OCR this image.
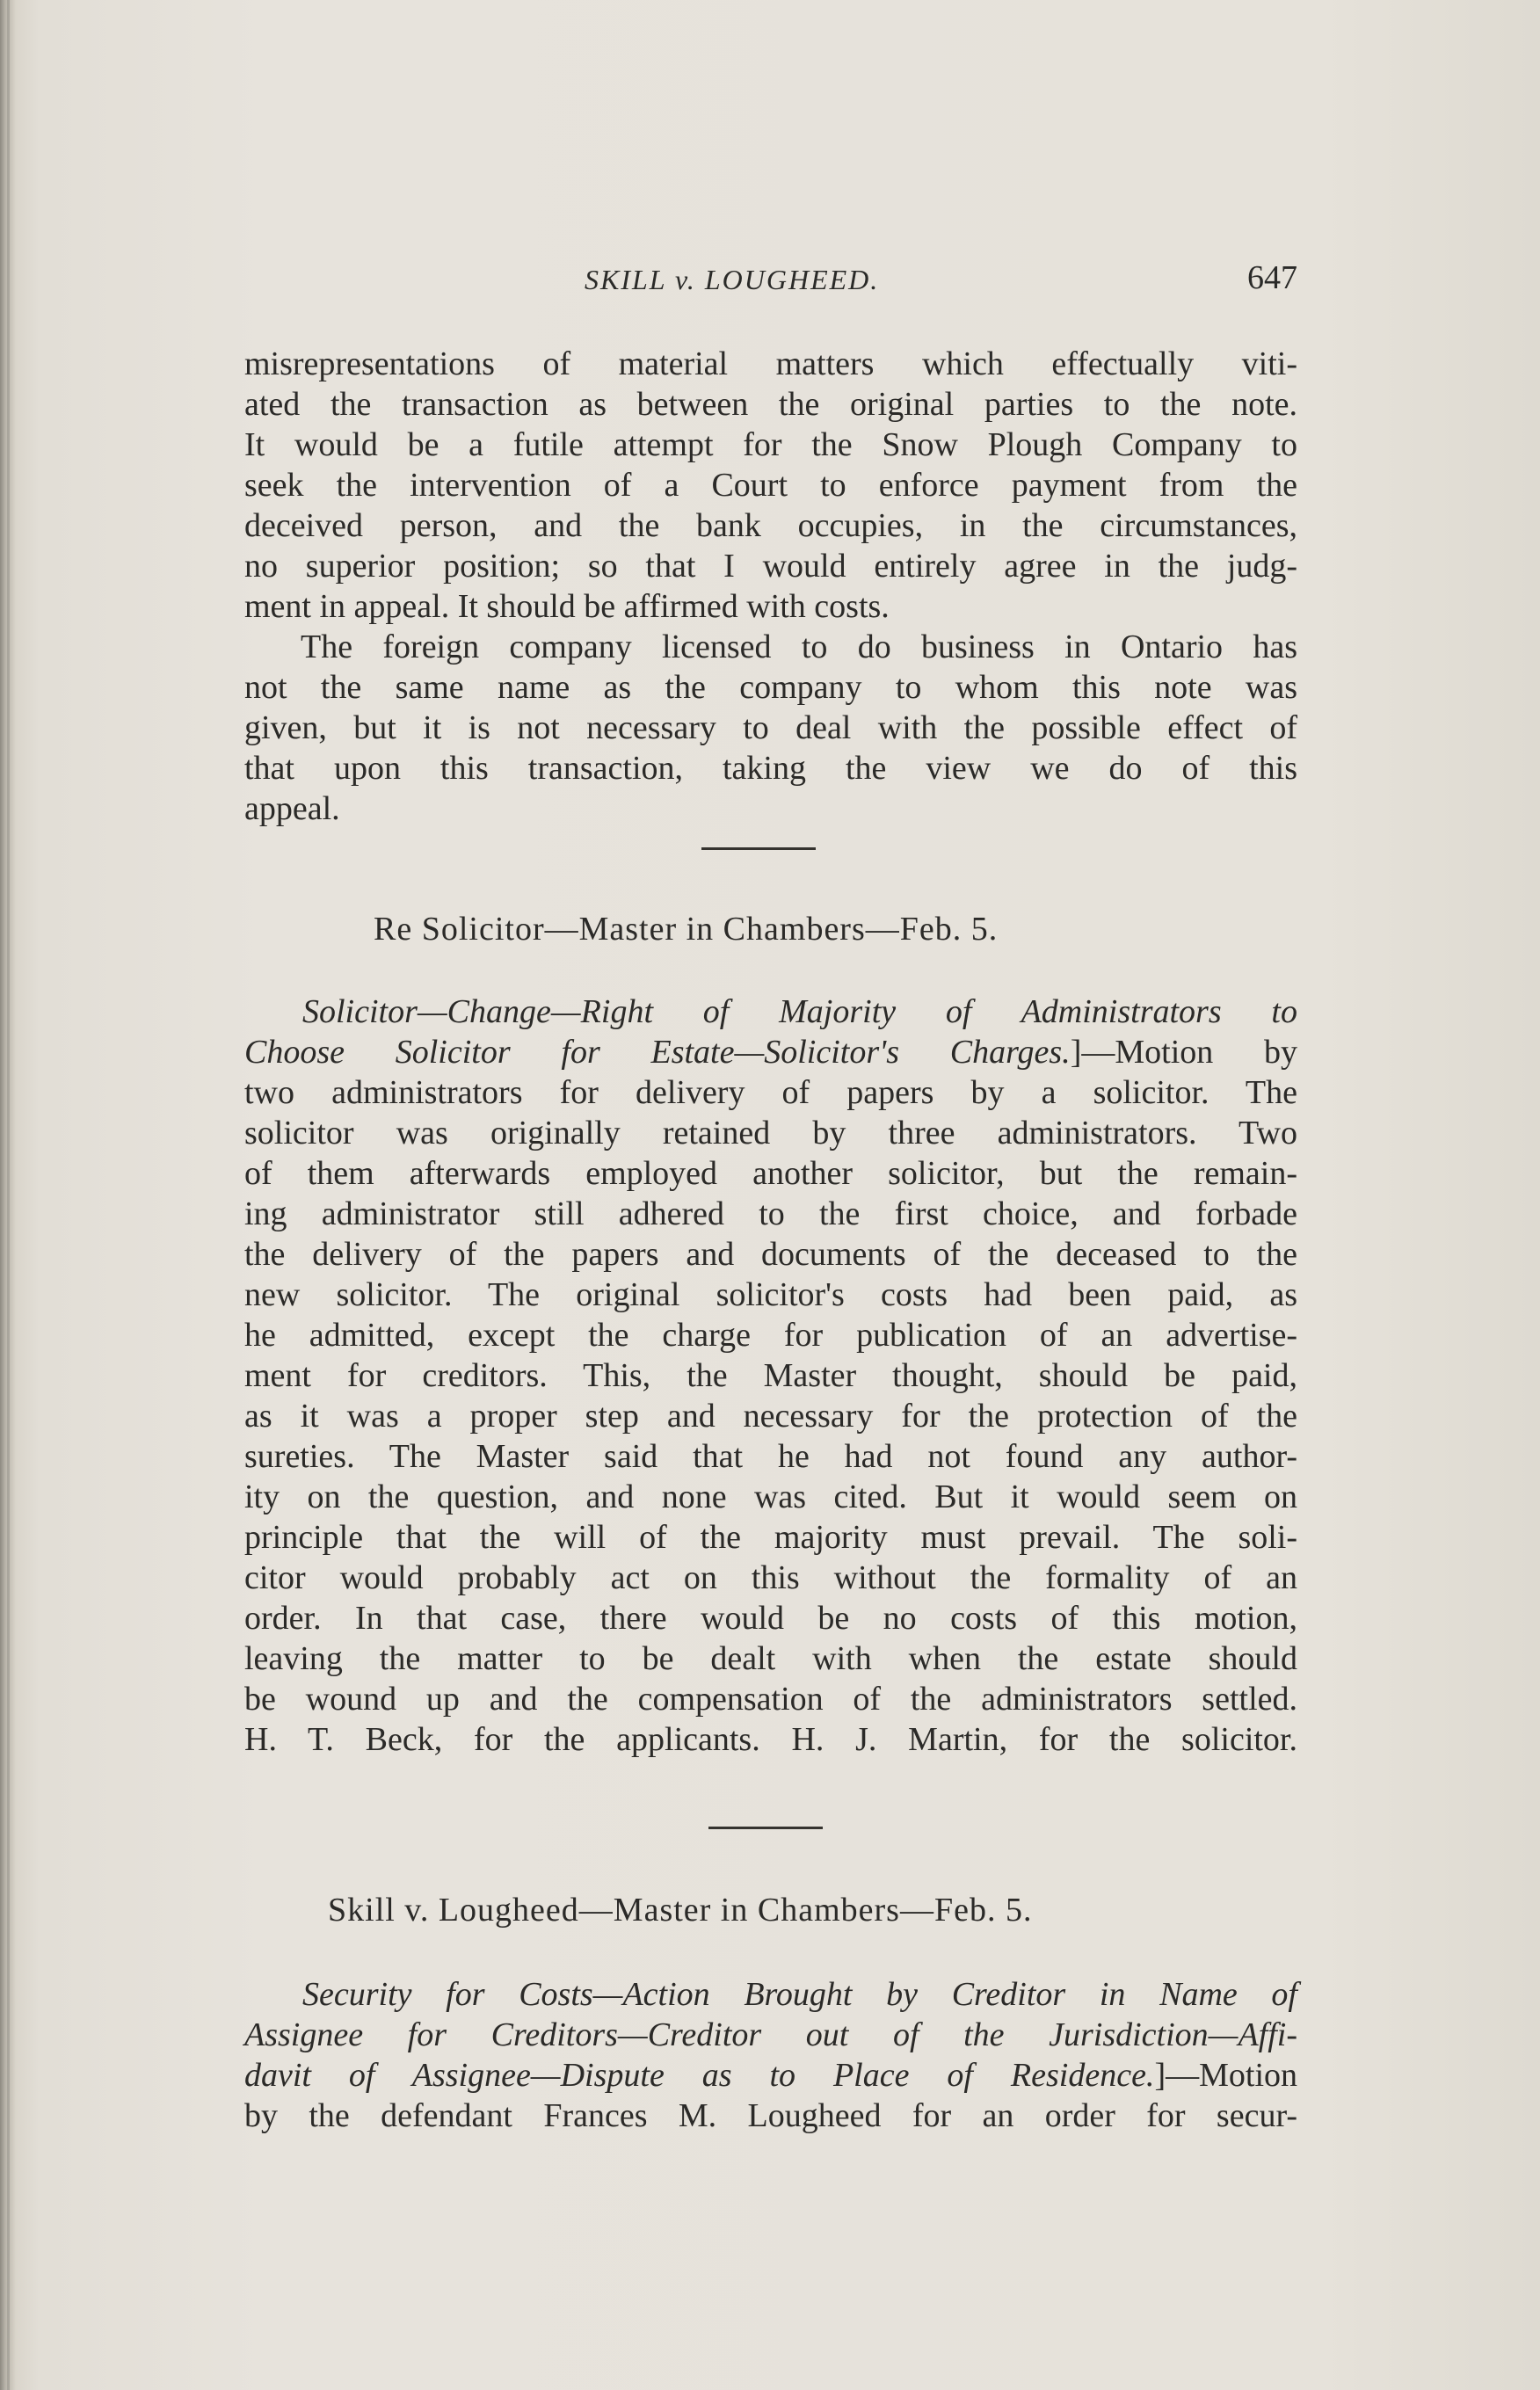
SKILL v. LOUGHEED.	647
misrepresentations of material matters which effectually viti-
ated the transaction as between the original parties to the note.
It would be a futile attempt for the Snow Plough Company to
seek the intervention of a Court to enforce payment from the
deceived person, and the bank occupies, in the circumstances,
no superior position; so that I would entirely agree in the judg-
ment in appeal. It should be affirmed with costs.
The foreign company licensed to do business in Ontario has
not the same name as the company to whom this note was
given, but it is not necessary to deal with the possible effect of
that upon this transaction, taking the view we do of this
appeal.
Re Solicitor—Master in Chambers—Feb. 5.
Solicitor—Change—Right of Majority of Administrators to
Choose Solicitor for Estate—Solicitor's Charges.]—Motion by
two administrators for delivery of papers by a solicitor. The
solicitor was originally retained by three administrators. Two
of them afterwards employed another solicitor, but the remain-
ing administrator still adhered to the first choice, and forbade
the delivery of the papers and documents of the deceased to the
new solicitor. The original solicitor's costs had been paid, as
he admitted, except the charge for publication of an advertise-
ment for creditors. This, the Master thought, should be paid,
as it was a proper step and necessary for the protection of the
sureties. The Master said that he had not found any author-
ity on the question, and none was cited. But it would seem on
principle that the will of the majority must prevail. The soli-
citor would probably act on this without the formality of an
order. In that case, there would be no costs of this motion,
leaving the matter to be dealt with when the estate should
be wound up and the compensation of the administrators settled.
H. T. Beck, for the applicants. H. J. Martin, for the solicitor.
Skill v. Lougheed—Master in Chambers—Feb. 5.
Security for Costs—Action Brought by Creditor in Name of
Assignee for Creditors—Creditor out of the Jurisdiction—Affi-
davit of Assignee—Dispute as to Place of Residence.]—Motion
by the defendant Frances M. Lougheed for an order for secur-
